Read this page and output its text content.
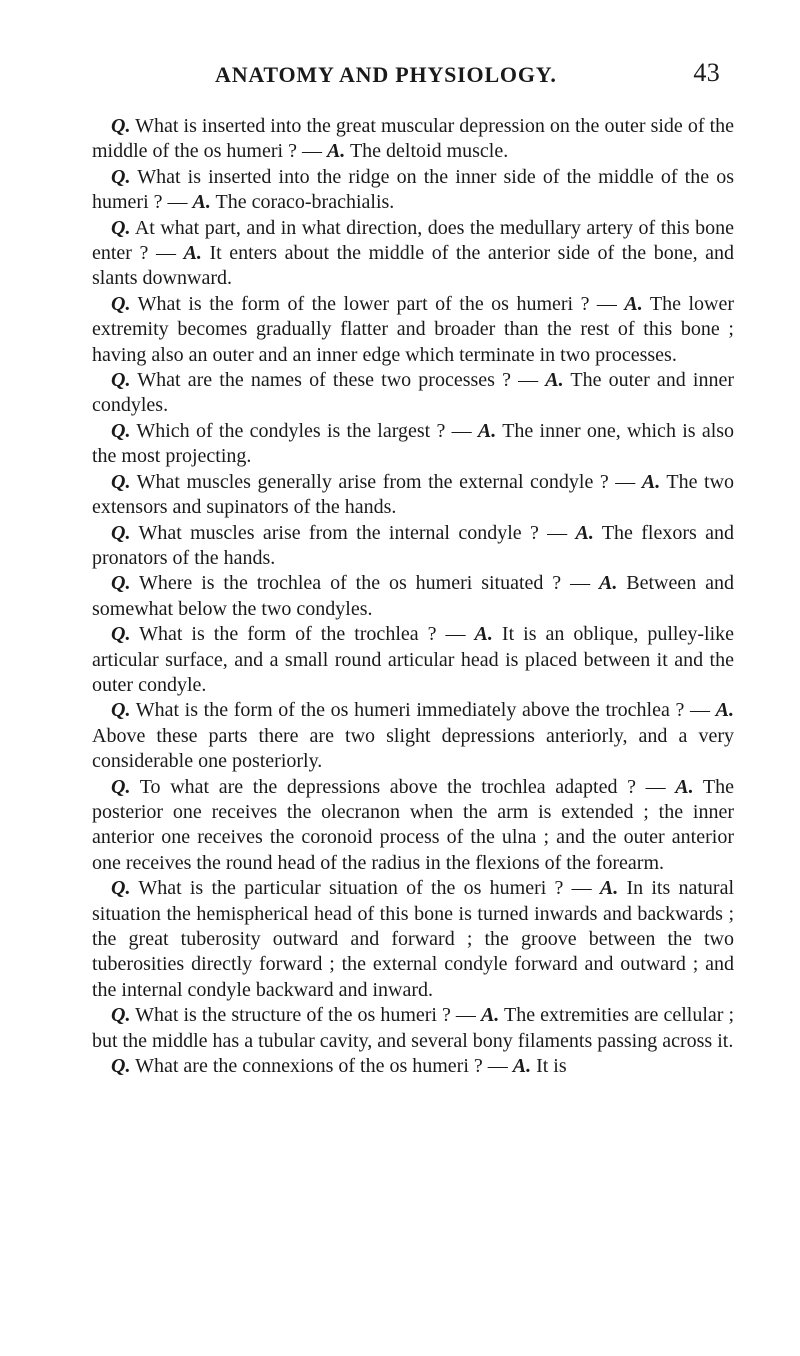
ANATOMY AND PHYSIOLOGY.	43

Q. What is inserted into the great muscular depression on the outer side of the middle of the os humeri ? — A. The deltoid muscle.

Q. What is inserted into the ridge on the inner side of the middle of the os humeri ? — A. The coraco-brachialis.

Q. At what part, and in what direction, does the medullary artery of this bone enter ? — A. It enters about the middle of the anterior side of the bone, and slants downward.

Q. What is the form of the lower part of the os humeri ? — A. The lower extremity becomes gradually flatter and broader than the rest of this bone ; having also an outer and an inner edge which terminate in two processes.

Q. What are the names of these two processes ? — A. The outer and inner condyles.

Q. Which of the condyles is the largest ? — A. The inner one, which is also the most projecting.

Q. What muscles generally arise from the external condyle ? — A. The two extensors and supinators of the hands.

Q. What muscles arise from the internal condyle ? — A. The flexors and pronators of the hands.

Q. Where is the trochlea of the os humeri situated ? — A. Between and somewhat below the two condyles.

Q. What is the form of the trochlea ? — A. It is an oblique, pulley-like articular surface, and a small round articular head is placed between it and the outer condyle.

Q. What is the form of the os humeri immediately above the trochlea ? — A. Above these parts there are two slight depressions anteriorly, and a very considerable one posteriorly.

Q. To what are the depressions above the trochlea adapted ? — A. The posterior one receives the olecranon when the arm is extended ; the inner anterior one receives the coronoid process of the ulna ; and the outer anterior one receives the round head of the radius in the flexions of the forearm.

Q. What is the particular situation of the os humeri ? — A. In its natural situation the hemispherical head of this bone is turned inwards and backwards ; the great tuberosity outward and forward ; the groove between the two tuberosities directly forward ; the external condyle forward and outward ; and the internal condyle backward and inward.

Q. What is the structure of the os humeri ? — A. The extremities are cellular ; but the middle has a tubular cavity, and several bony filaments passing across it.

Q. What are the connexions of the os humeri ? — A. It is
